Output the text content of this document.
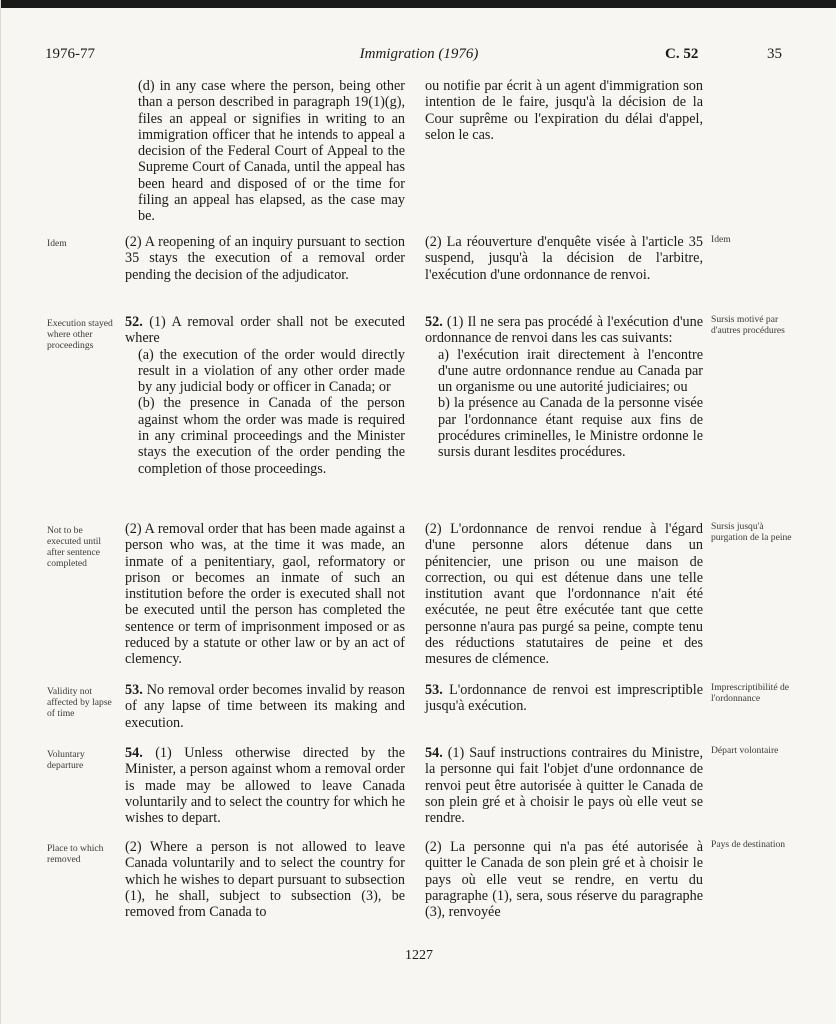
1976-77	Immigration (1976)	C. 52	35

(d) in any case where the person, being other than a person described in paragraph 19(1)(g), files an appeal or signifies in writing to an immigration officer that he intends to appeal a decision of the Federal Court of Appeal to the Supreme Court of Canada, until the appeal has been heard and disposed of or the time for filing an appeal has elapsed, as the case may be.

ou notifie par écrit à un agent d'immigration son intention de le faire, jusqu'à la décision de la Cour suprême ou l'expiration du délai d'appel, selon le cas.

Idem	(2) A reopening of an inquiry pursuant to section 35 stays the execution of a removal order pending the decision of the adjudicator.
(2) La réouverture d'enquête visée à l'article 35 suspend, jusqu'à la décision de l'arbitre, l'exécution d'une ordonnance de renvoi.
Idem
Execution stayed where other proceedings

52. (1) A removal order shall not be executed where

(a) the execution of the order would directly result in a violation of any other order made by any judicial body or officer in Canada; or

(b) the presence in Canada of the person against whom the order was made is required in any criminal proceedings and the Minister stays the execution of the order pending the completion of those proceedings.

52. (1) Il ne sera pas procédé à l'exécution d'une ordonnance de renvoi dans les cas suivants:

a) l'exécution irait directement à l'encontre d'une autre ordonnance rendue au Canada par un organisme ou une autorité judiciaires; ou

b) la présence au Canada de la personne visée par l'ordonnance étant requise aux fins de procédures criminelles, le Ministre ordonne le sursis durant lesdites procédures.

Sursis motivé par d'autres procédures
Not to be executed until after sentence completed
(2) A removal order that has been made against a person who was, at the time it was made, an inmate of a penitentiary, gaol, reformatory or prison or becomes an inmate of such an institution before the order is executed shall not be executed until the person has completed the sentence or term of imprisonment imposed or as reduced by a statute or other law or by an act of clemency.
(2) L'ordonnance de renvoi rendue à l'égard d'une personne alors détenue dans un pénitencier, une prison ou une maison de correction, ou qui est détenue dans une telle institution avant que l'ordonnance n'ait été exécutée, ne peut être exécutée tant que cette personne n'aura pas purgé sa peine, compte tenu des réductions statutaires de peine et des mesures de clémence.
Sursis jusqu'à purgation de la peine
Validity not affected by lapse of time

53. No removal order becomes invalid by reason of any lapse of time between its making and execution.

53. L'ordonnance de renvoi est imprescriptible jusqu'à exécution.

Imprescriptibilité de l'ordonnance
Voluntary departure

54. (1) Unless otherwise directed by the Minister, a person against whom a removal order is made may be allowed to leave Canada voluntarily and to select the country for which he wishes to depart.

54. (1) Sauf instructions contraires du Ministre, la personne qui fait l'objet d'une ordonnance de renvoi peut être autorisée à quitter le Canada de son plein gré et à choisir le pays où elle veut se rendre.

Départ volontaire
Place to which removed
(2) Where a person is not allowed to leave Canada voluntarily and to select the country for which he wishes to depart pursuant to subsection (1), he shall, subject to subsection (3), be removed from Canada to
(2) La personne qui n'a pas été autorisée à quitter le Canada de son plein gré et à choisir le pays où elle veut se rendre, en vertu du paragraphe (1), sera, sous réserve du paragraphe (3), renvoyée
Pays de destination
1227
